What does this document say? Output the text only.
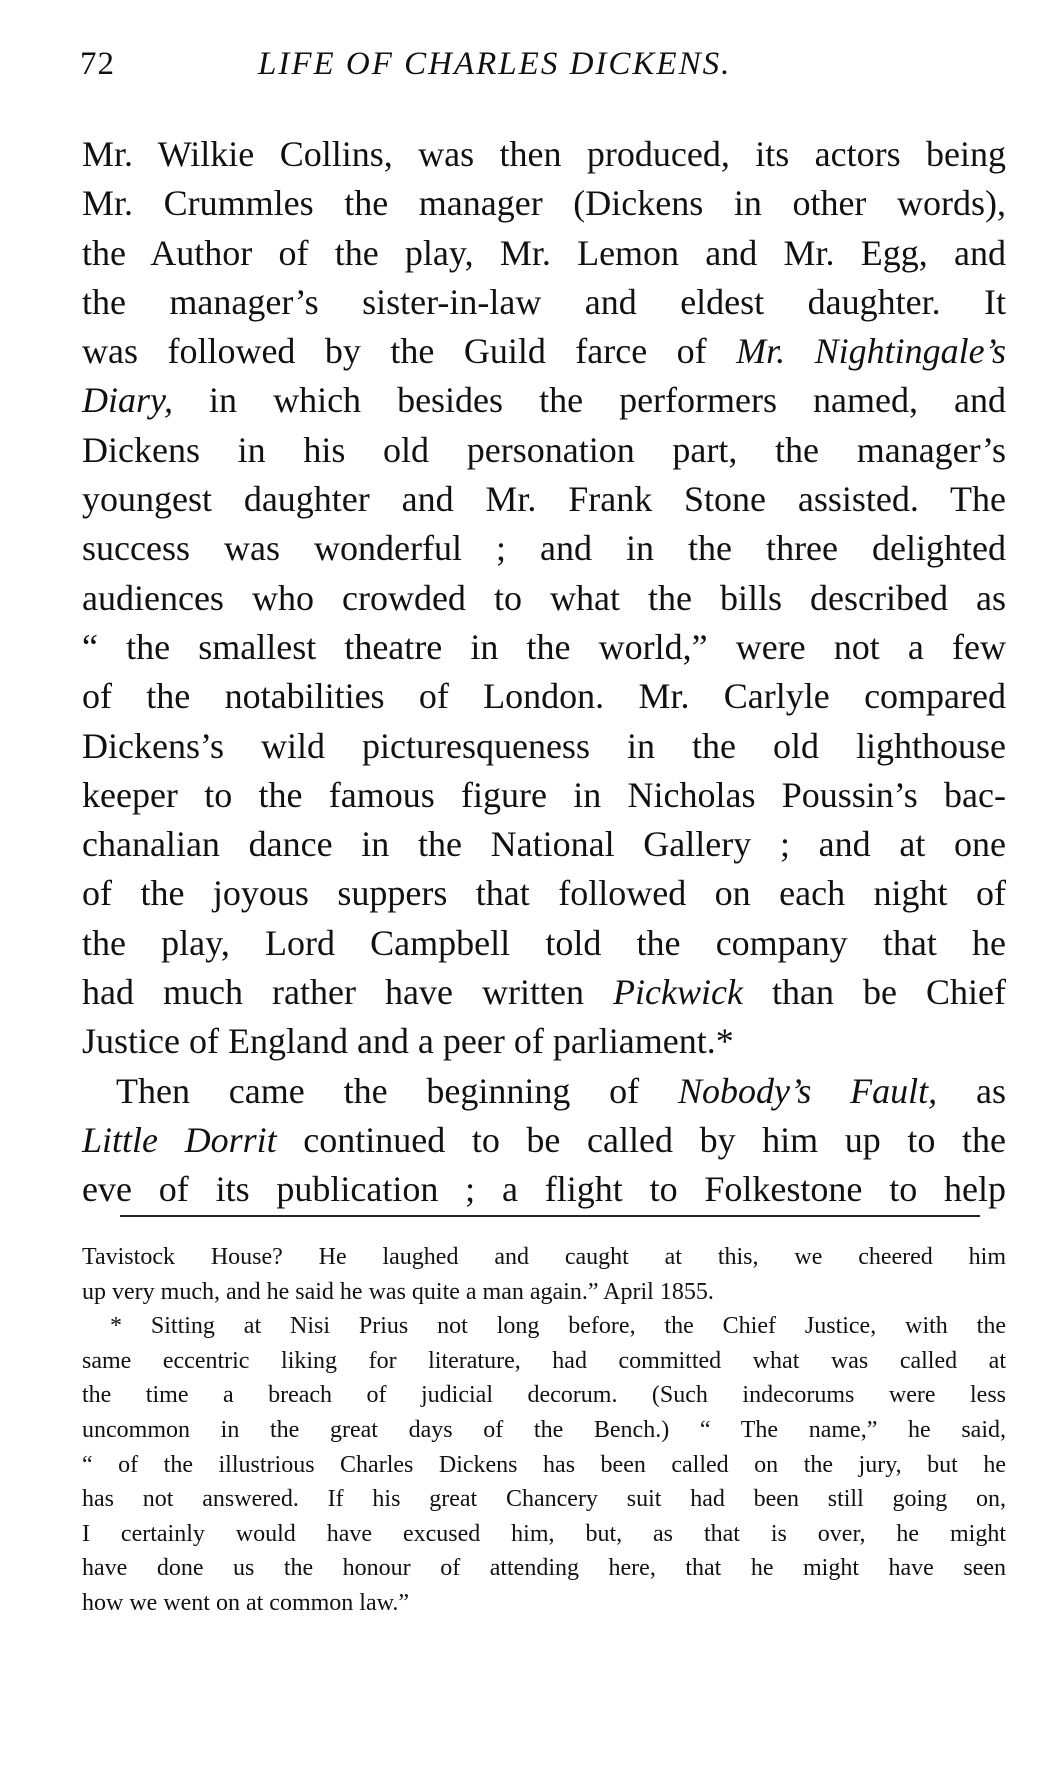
72	LIFE OF CHARLES DICKENS.
Mr. Wilkie Collins, was then produced, its actors being
Mr. Crummles the manager (Dickens in other words),
the Author of the play, Mr. Lemon and Mr. Egg, and
the manager’s sister-in-law and eldest daughter. It
was followed by the Guild farce of Mr. Nightingale’s
Diary, in which besides the performers named, and
Dickens in his old personation part, the manager’s
youngest daughter and Mr. Frank Stone assisted. The
success was wonderful ; and in the three delighted
audiences who crowded to what the bills described as
“ the smallest theatre in the world,” were not a few
of the notabilities of London. Mr. Carlyle compared
Dickens’s wild picturesqueness in the old lighthouse
keeper to the famous figure in Nicholas Poussin’s bac-
chanalian dance in the National Gallery ; and at one
of the joyous suppers that followed on each night of
the play, Lord Campbell told the company that he
had much rather have written Pickwick than be Chief
Justice of England and a peer of parliament.*
Then came the beginning of Nobody’s Fault, as
Little Dorrit continued to be called by him up to the
eve of its publication ; a flight to Folkestone to help
Tavistock House? He laughed and caught at this, we cheered him
up very much, and he said he was quite a man again.” April 1855.
* Sitting at Nisi Prius not long before, the Chief Justice, with the
same eccentric liking for literature, had committed what was called at
the time a breach of judicial decorum. (Such indecorums were less
uncommon in the great days of the Bench.) “ The name,” he said,
“ of the illustrious Charles Dickens has been called on the jury, but he
has not answered. If his great Chancery suit had been still going on,
I certainly would have excused him, but, as that is over, he might
have done us the honour of attending here, that he might have seen
how we went on at common law.”
